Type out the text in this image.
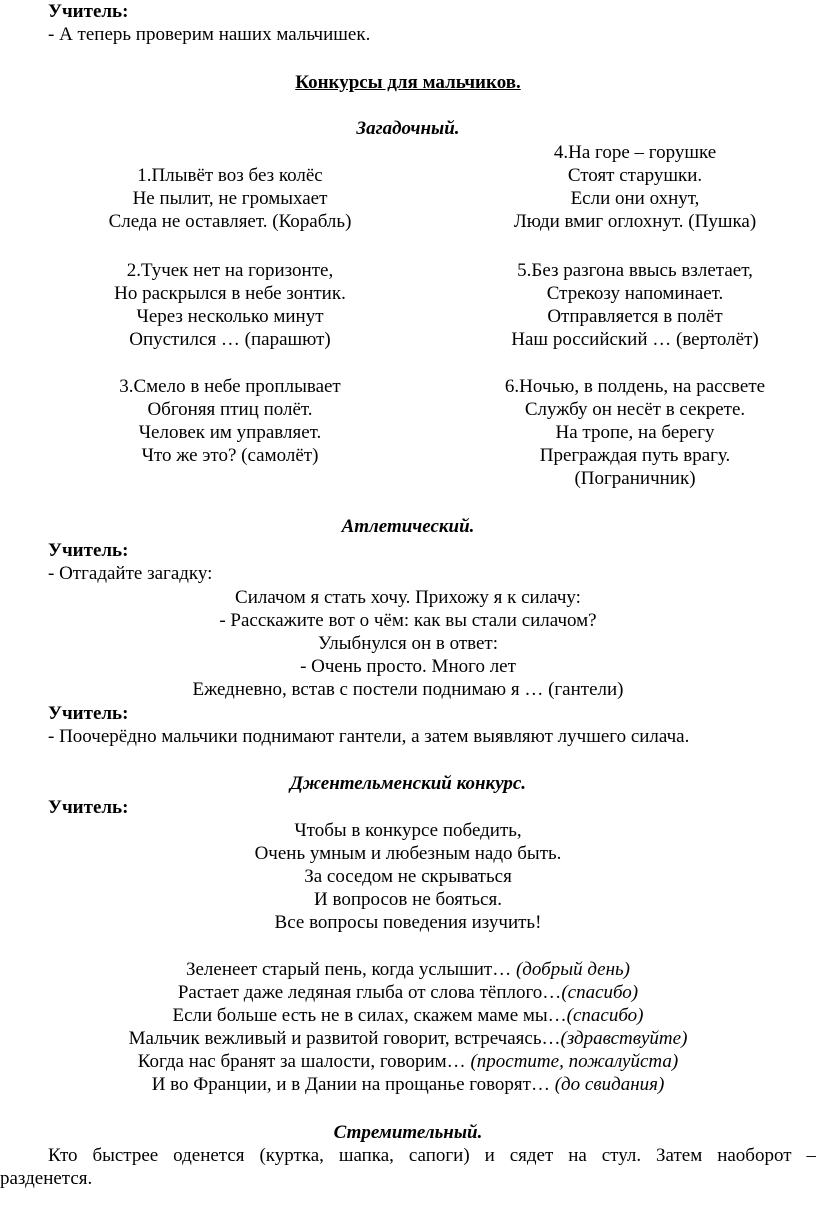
Учитель:
- А теперь проверим наших мальчишек.
Конкурсы для мальчиков.
Загадочный.
4.На горе – горушке
Стоят старушки.
Если они охнут,
Люди вмиг оглохнут. (Пушка)
5.Без разгона ввысь взлетает,
Стрекозу напоминает.
Отправляется в полёт
Наш российский … (вертолёт)
6.Ночью, в полдень, на рассвете
Службу он несёт в секрете.
На тропе, на берегу
Преграждая путь врагу.
(Пограничник)
1.Плывёт воз без колёс
Не пылит, не громыхает
Следа не оставляет. (Корабль)
2.Тучек нет на горизонте,
Но раскрылся в небе зонтик.
Через несколько минут
Опустился … (парашют)
3.Смело в небе проплывает
Обгоняя птиц полёт.
Человек им управляет.
Что же это? (самолёт)
Атлетический.
Учитель:
- Отгадайте загадку:
Силачом я стать хочу. Прихожу я к силачу:
- Расскажите вот о чём: как вы стали силачом?
Улыбнулся он в ответ:
- Очень просто. Много лет
Ежедневно, встав с постели поднимаю я … (гантели)
Учитель:
- Поочерёдно мальчики поднимают гантели, а затем выявляют лучшего силача.
Джентельменский конкурс.
Учитель:
Чтобы в конкурсе победить,
Очень умным и любезным надо быть.
За соседом не скрываться
И вопросов не бояться.
Все вопросы поведения изучить!
Зеленеет старый пень, когда услышит… (добрый день)
Растает даже ледяная глыба от слова тёплого…(спасибо)
Если больше есть не в силах, скажем маме мы…(спасибо)
Мальчик вежливый и развитой говорит, встречаясь…(здравствуйте)
Когда нас бранят за шалости, говорим… (простите, пожалуйста)
И во Франции, и в Дании на прощанье говорят… (до свидания)
Стремительный.
Кто быстрее оденется (куртка, шапка, сапоги) и сядет на стул. Затем наоборот –
разденется.
